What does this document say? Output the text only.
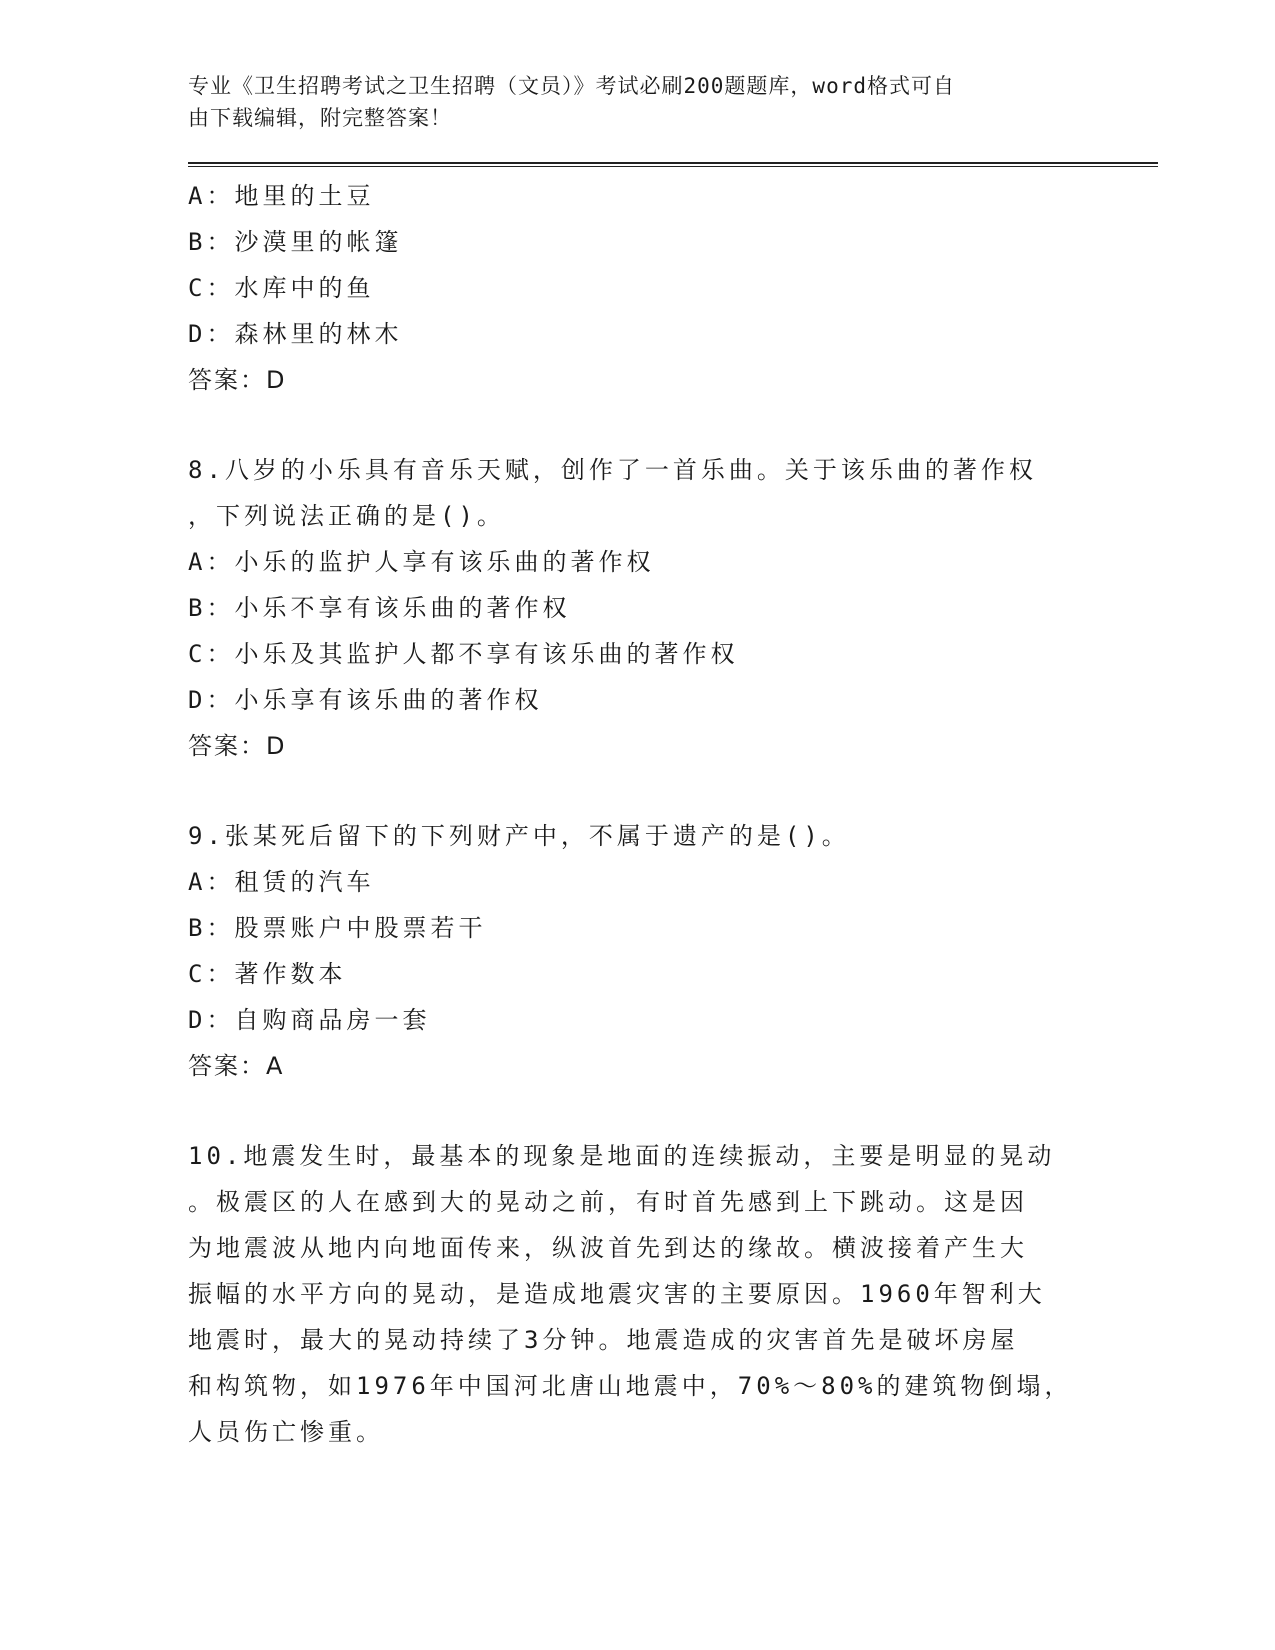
专业《卫生招聘考试之卫生招聘（文员）》考试必刷200题题库，word格式可自
由下载编辑，附完整答案！
A：地里的土豆
B：沙漠里的帐篷
C：水库中的鱼
D：森林里的林木
答案：D
8.八岁的小乐具有音乐天赋，创作了一首乐曲。关于该乐曲的著作权
，下列说法正确的是()。
A：小乐的监护人享有该乐曲的著作权
B：小乐不享有该乐曲的著作权
C：小乐及其监护人都不享有该乐曲的著作权
D：小乐享有该乐曲的著作权
答案：D
9.张某死后留下的下列财产中，不属于遗产的是()。
A：租赁的汽车
B：股票账户中股票若干
C：著作数本
D：自购商品房一套
答案：A
10.地震发生时，最基本的现象是地面的连续振动，主要是明显的晃动
。极震区的人在感到大的晃动之前，有时首先感到上下跳动。这是因
为地震波从地内向地面传来，纵波首先到达的缘故。横波接着产生大
振幅的水平方向的晃动，是造成地震灾害的主要原因。1960年智利大
地震时，最大的晃动持续了3分钟。地震造成的灾害首先是破坏房屋
和构筑物，如1976年中国河北唐山地震中，70%～80%的建筑物倒塌，
人员伤亡惨重。
